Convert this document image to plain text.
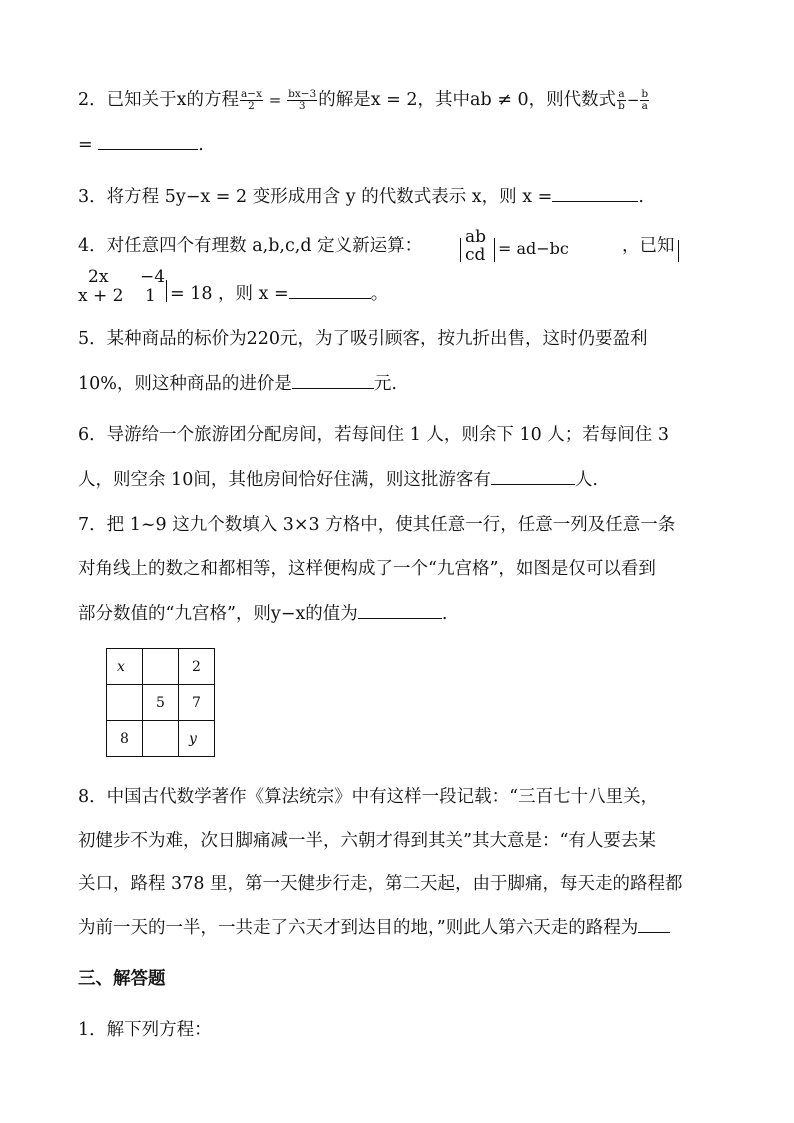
2．已知关于x的方程 $\frac{a-x}{2} = \frac{bx-3}{3}$ 的解是x = 2，其中ab ≠ 0，则代数式 $\frac{a}{b} - \frac{b}{a}$
=	.
3．将方程 5y−x = 2 变形成用含 y 的代数式表示 x，则 x =	.
4．对任意四个有理数 a,b,c,d 定义新运算：	ab
cd = ad−bc	，已知
2x −4
x + 2 1 = 18 ，则 x =	。
5．某种商品的标价为220元，为了吸引顾客，按九折出售，这时仍要盈利
10%，则这种商品的进价是	元.
6．导游给一个旅游团分配房间，若每间住 1 人，则余下 10 人；若每间住 3
人，则空余 10间，其他房间恰好住满，则这批游客有	人.
7．把 1~9 这九个数填入 3×3 方格中，使其任意一行，任意一列及任意一条
对角线上的数之和都相等，这样便构成了一个“九宫格”，如图是仅可以看到
部分数值的“九宫格”，则y−x的值为	.
x		2
	5	7
8		y
8．中国古代数学著作《算法统宗》中有这样一段记载：“三百七十八里关，
初健步不为难，次日脚痛减一半，六朝才得到其关”其大意是：“有人要去某
关口，路程 378 里，第一天健步行走，第二天起，由于脚痛，每天走的路程都
为前一天的一半，一共走了六天才到达目的地，”则此人第六天走的路程为
三、解答题
1．解下列方程：
